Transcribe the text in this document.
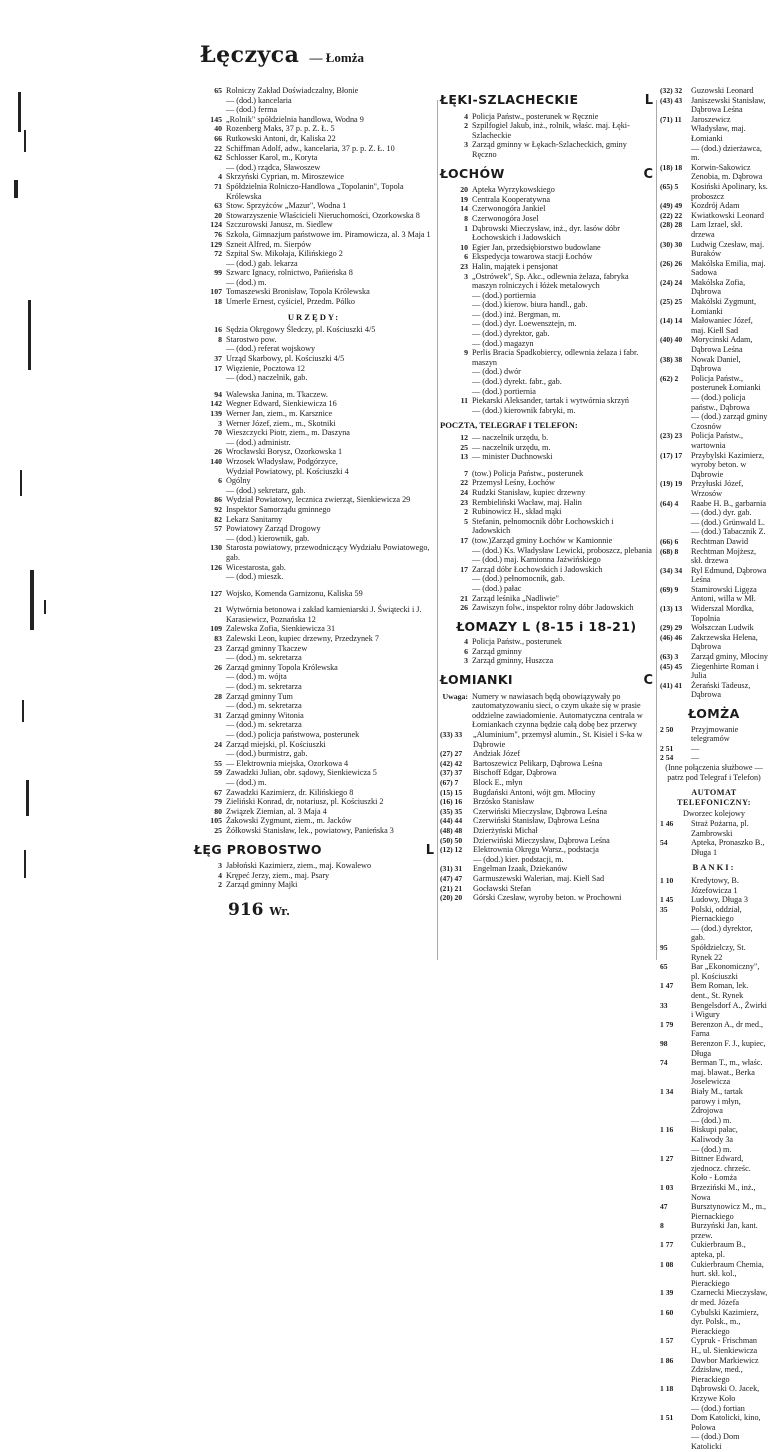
Łęczyca — Łomża
65 Rolniczy Zakład Doświadczalny, Błonie
— (dod.) kancelaria
— (dod.) ferma
145 „Rolnik" spółdzielnia handlowa, Wodna 9
40 Rozenberg Maks, 37 p. p. Z. Ł. 5
66 Rutkowski Antoni, dr, Kaliska 22
22 Schiffman Adolf, adw., kancelaria, 37 p. p. Z. Ł. 10
62 Schlosser Karol, m., Koryta
— (dod.) rządca, Sławoszew
4 Skrzyński Cyprian, m. Miroszewice
71 Spółdzielnia Rolniczo-Handlowa „Topolanin", Topola Królewska
63 Stow. Sprzyżców „Mazur", Wodna 1
20 Stowarzyszenie Właścicieli Nieruchomości, Ozorkowska 8
124 Szczurowski Janusz, m. Siedlew
76 Szkoła, Gimnazjum państwowe im. Piramowicza, al. 3 Maja 1
129 Szneit Alfred, m. Sierpów
72 Szpital Sw. Mikołaja, Kilińskiego 2
— (dod.) gab. lekarza
99 Szwarc Ignacy, rolnictwo, Pańieńska 8
— (dod.) m.
107 Tomaszewski Bronisław, Topola Królewska
18 Umerle Ernest, cyśiciel, Przedm. Pólko
URZĘDY:
16 Sędzia Okręgowy Śledczy, pl. Kościuszki 4/5
8 Starostwo pow.
— (dod.) referat wojskowy
37 Urząd Skarbowy, pl. Kościuszki 4/5
17 Więzienie, Pocztowa 12
— (dod.) naczelnik, gab.
94 Walewska Janina, m. Tkaczew.
142 Wegner Edward, Sienkiewicza 16
139 Werner Jan, ziem., m. Karsznice
3 Werner Józef, ziem., m., Skotniki
70 Wieszczycki Piotr, ziem., m. Daszyna
— (dod.) administr.
26 Wrocławski Borysz, Ozorkowska 1
140 Wrzosek Władysław, Podgórzyce,
Wydział Powiatowy, pl. Kościuszki 4
6 Ogólny
— (dod.) sekretarz, gab.
86 Wydział Powiatowy, lecznica zwierząt, Sienkiewicza 29
92 Inspektor Samorządu gminnego
82 Lekarz Sanitarny
57 Powiatowy Zarząd Drogowy
— (dod.) kierownik, gab.
130 Starosta powiatowy, przewodniczący Wydziału Powiatowego, gab.
126 Wicestarosta, gab.
— (dod.) mieszk.
127 Wojsko, Komenda Garnizonu, Kaliska 59
21 Wytwórnia betonowa i zakład kamieniarski J. Świątecki i J. Karasiewicz, Poznańska 12
109 Zalewska Zofia, Sienkiewicza 31
83 Zalewski Leon, kupiec drzewny, Przedzynek 7
23 Zarząd gminny Tkaczew
— (dod.) m. sekretarza
26 Zarząd gminny Topola Królewska
— (dod.) m. wójta
— (dod.) m. sekretarza
28 Zarząd gminny Tum
— (dod.) m. sekretarza
31 Zarząd gminny Witonia
— (dod.) m. sekretarza
— (dod.) policja państwowa, posterunek
24 Zarząd miejski, pl. Kościuszki
— (dod.) burmistrz, gab.
55 — Elektrownia miejska, Ozorkowa 4
59 Zawadzki Julian, obr. sądowy, Sienkiewicza 5
— (dod.) m.
67 Zawadzki Kazimierz, dr. Kilińskiego 8
79 Zieliński Konrad, dr, notariusz, pl. Kościuszki 2
80 Związek Ziemian, al. 3 Maja 4
105 Żakowski Zygmunt, ziem., m. Jacków
25 Żółkowski Stanisław, lek., powiatowy, Panieńska 3
ŁĘG PROBOSTWO	L
3 Jabłoński Kazimierz, ziem., maj. Kowalewo
4 Krępeć Jerzy, ziem., maj. Psary
2 Zarząd gminny Majki
ŁĘKI-SZLACHECKIE	L
4 Policja Państw., posterunek w Ręcznie
2 Szpilfogiel Jakub, inż., rolnik, właśc. maj. Łęki-Szlacheckie
3 Zarząd gminny w Łękach-Szlacheckich, gminy Ręczno
ŁOCHÓW	C
20 Apteka Wyrzykowskiego
19 Centrala Kooperatywna
14 Czerwonogóra Jankiel
8 Czerwonogóra Josel
1 Dąbrowski Mieczysław, inż., dyr. lasów dóbr Łochowskich i Jadowskich
10 Egier Jan, przedsiębiorstwo budowlane
6 Ekspedycja towarowa stacji Łochów
23 Halin, majątek i pensjonat
3 „Ostrówek", Sp. Akc., odlewnia żelaza, fabryka maszyn rolniczych i łóżek metalowych
— (dod.) portiernia
— (dod.) kierow. biura handl., gab.
— (dod.) inż. Bergman, m.
— (dod.) dyr. Loewensztejn, m.
— (dod.) dyrektor, gab.
— (dod.) magazyn
9 Perlis Bracia Spadkobiercy, odlewnia żelaza i fabr. maszyn
— (dod.) dwór
— (dod.) dyrekt. fabr., gab.
— (dod.) portiernia
11 Piekarski Aleksander, tartak i wytwórnia skrzyń
— (dod.) kierownik fabryki, m.
POCZTA, TELEGRAF I TELEFON:
12 — naczelnik urzędu, b.
25 — naczelnik urzędu, m.
13 — minister Duchnowski
7 (tow.) Policja Państw., posterunek
22 Przemysł Leśny, Łochów
24 Rudzki Stanisław, kupiec drzewny
23 Rembieliński Wacław, maj. Halin
2 Rubinowicz H., skład mąki
5 Stefanin, pełnomocnik dóbr Łochowskich i Jadowskich
17 (tow.)Zarząd gminy Łochów w Kamionnie
— (dod.) Ks. Władysław Lewicki, proboszcz, plebania
— (dod.) maj. Kamionna Jaźwińskiego
17 Zarząd dóbr Łochowskich i Jadowskich
— (dod.) pełnomocnik, gab.
— (dod.) pałac
21 Zarząd leśnika „Nadliwie"
26 Zawiszyn folw., inspektor rolny dóbr Jadowskich
ŁOMAZY L (8-15 i 18-21)
4 Policja Państw., posterunek
6 Zarząd gminny
3 Zarząd gminny, Huszcza
ŁOMIANKI	C
Uwaga: Numery w nawiasach będą obowiązywały po zautomatyzowaniu sieci, o czym ukaże się w prasie oddzielne zawiadomienie. Automatyczna centrala w Łomiankach czynna będzie całą dobę bez przerwy
(33) 33	„Aluminium", przemysł alumin., St. Kisiel i S-ka w Dąbrowie
(27) 27	Andziak Józef
(42) 42	Bartoszewicz Pelikarp, Dąbrowa Leśna
(37) 37	Bischoff Edgar, Dąbrowa
(67) 7	Block E., młyn
(15) 15	Bugdański Antoni, wójt gm. Młociny
(16) 16	Brzósko Stanisław
(35) 35	Czerwiński Mieczysław, Dąbrowa Leśna
(44) 44	Czerwiński Stanisław, Dąbrowa Leśna
(48) 48	Dzierżyński Michał
(50) 50	Dzierwiński Mieczysław, Dąbrowa Leśna
(12) 12	Elektrownia Okręgu Warsz., podstacja
— (dod.) kier. podstacji, m.
(31) 31	Engelman Izaak, Dziekanów
(47) 47	Garmuszewski Walerian, maj. Kiełl Sad
(21) 21	Gocławski Stefan
(20) 20	Górski Czesław, wyroby beton. w Prochowni
(32) 32	Guzowski Leonard
(43) 43	Janiszewski Stanisław, Dąbrowa Leśna
(71) 11	Jaroszewicz Władysław, maj. Łomianki
— (dod.) dzierżawca, m.
(18) 18	Korwin-Sakowicz Zenobia, m. Dąbrowa
(65) 5	Kosiński Apolinary, ks. proboszcz
(49) 49	Kozdrój Adam
(22) 22	Kwiatkowski Leonard
(28) 28	Lam Izrael, skł. drzewa
(30) 30	Ludwig Czesław, maj. Buraków
(26) 26	Makólska Emilia, maj. Sadowa
(24) 24	Makólska Zofia, Dąbrowa
(25) 25	Makólski Zygmunt, Łomianki
(14) 14	Małowaniec Józef, maj. Kiełl Sad
(40) 40	Morycinski Adam, Dąbrowa Leśna
(38) 38	Nowak Daniel, Dąbrowa
(62) 2	Policja Państw., posterunek Łomianki
— (dod.) policja państw., Dąbrowa
— (dod.) zarząd gminy Czosnów
(23) 23	Policja Państw., wartownia
(17) 17	Przybylski Kazimierz, wyroby beton. w Dąbrowie
(19) 19	Przyłuski Józef, Wrzosów
(64) 4	Raabe H. B., garbarnia
— (dod.) dyr. gab.
— (dod.) Grünwald L.
— (dod.) Tabacznik Z.
(66) 6	Rechtman Dawid
(68) 8	Rechtman Mojżesz, skł. drzewa
(34) 34	Ryl Edmund, Dąbrowa Leśna
(69) 9	Stamirowski Ligęza Antoni, willa w Mł.
(13) 13	Widerszal Mordka, Topolnia
(29) 29	Wołszczan Ludwik
(46) 46	Zakrzewska Helena, Dąbrowa
(63) 3	Zarząd gminy, Młociny
(45) 45	Ziegenhirte Roman i Julia
(41) 41	Żerański Tadeusz, Dąbrowa
ŁOMŻA
2 50	Przyjmowanie telegramów
2 51	—
2 54	—
(Inne połączenia służbowe — patrz pod Telegraf i Telefon)
AUTOMAT TELEFONICZNY:
Dworzec kolejowy
1 46	Straż Pożarna, pl. Zambrowski
54	Apteka, Pronaszko B., Długa 1
BANKI:
1 10	Kredytowy, B. Józefowicza 1
1 45	Ludowy, Długa 3
35	Polski, oddział, Piernackiego
— (dod.) dyrektor, gab.
95	Spółdzielczy, St. Rynek 22
65	Bar „Ekonomiczny", pl. Kościuszki
1 47	Bem Roman, lek. dent., St. Rynek
33	Bengelsdorf A., Żwirki i Wigury
1 79	Berenzon A., dr med., Farna
98	Berenzon F. J., kupiec, Długa
74	Berman T., m., właśc. maj. blawat., Berka Joselewicza
1 34	Biały M., tartak parowy i młyn, Zdrojowa
— (dod.) m.
1 16	Biskupi pałac, Kaliwody 3a
— (dod.) m.
1 27	Bittner Edward, zjednocz. chrześc. Koło - Łomża
1 03	Brzeziński M., inż., Nowa
47	Bursztynowicz M., m., Piernackiego
8	Burzyński Jan, kant. przew.
1 77	Cukierbraum B., apteka, pl.
1 08	Cukierbraum Chemia, hurt. skł. kol., Pierackiego
1 39	Czarnecki Mieczysław, dr med. Józefa
1 60	Cybulski Kazimierz, dyr. Polsk., m., Pierackiego
1 57	Cypruk - Frischman H., ul. Sienkiewicza
1 86	Dawbor Markiewicz Zdzisław, med., Pierackiego
1 18	Dąbrowski O. Jacek, Krzywe Koło
— (dod.) fortian
1 51	Dom Katolicki, kino, Polowa
— (dod.) Dom Katolicki
916 Wr.
